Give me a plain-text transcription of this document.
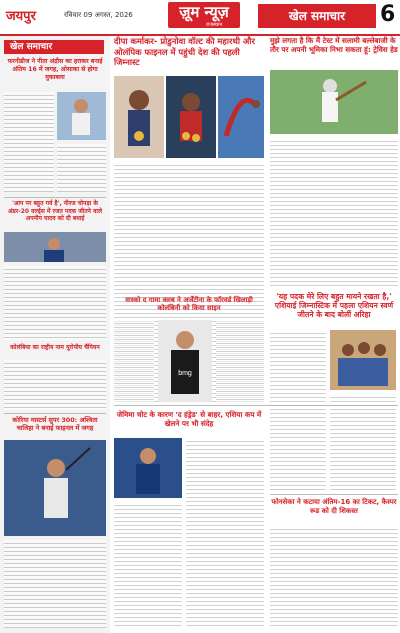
जयपुर	रविवार 09 अगस्त, 2026	ज़ूम न्यूज़
राजस्थान
खेल समाचार	6
खेल समाचार
फरनीडीज ने नीता अंद्रौस का हराकर बनाई अंतिम 16 में जगह, ओसाका से होगा मुकाबला
'आप पर बहुत गर्व है', नीरज चोपड़ा के अंडर-20 वर्ल्ड्स में रजत पदक जीतने वाले अपनीप यादव को दी बधाई
कोलंबिया का राष्ट्रीय नाम यूरोपीय चैंपियन
कोरिया मास्टर्स सुपर 300: अश्विता चालिहा ने बनाई फाइनल में जगह
दीपा कर्माकर- प्रोडुनोवा वॉल्ट की महारथी और ओलंपिक फाइनल में पहुंची देश की पहली जिम्नास्ट
मुझे लगता है कि मैं टेस्ट में सलामी बल्लेबाजी के तौर पर अपनी भूमिका निभा सकता हूं: ट्रेविस हेड
वास्को द गामा क्लब ने अर्जेंटीना के फॉरवर्ड खिलाड़ी कोलंबिनी को किया साइन
bmg
'यह पदक मेरे लिए बहुत मायने रखता है,' एशियाई जिम्नास्टिक में पहला एशियन स्वर्ण जीतने के बाद बोलीं अरिहा
जेमिमा चोट के कारण 'द हंड्रेड' से बाहर, एशिया कप में खेलने पर भी संदेह
फोनसेका ने कटाया अंतिम-16 का टिकट, कैस्पर रूड को दी शिकस्त
